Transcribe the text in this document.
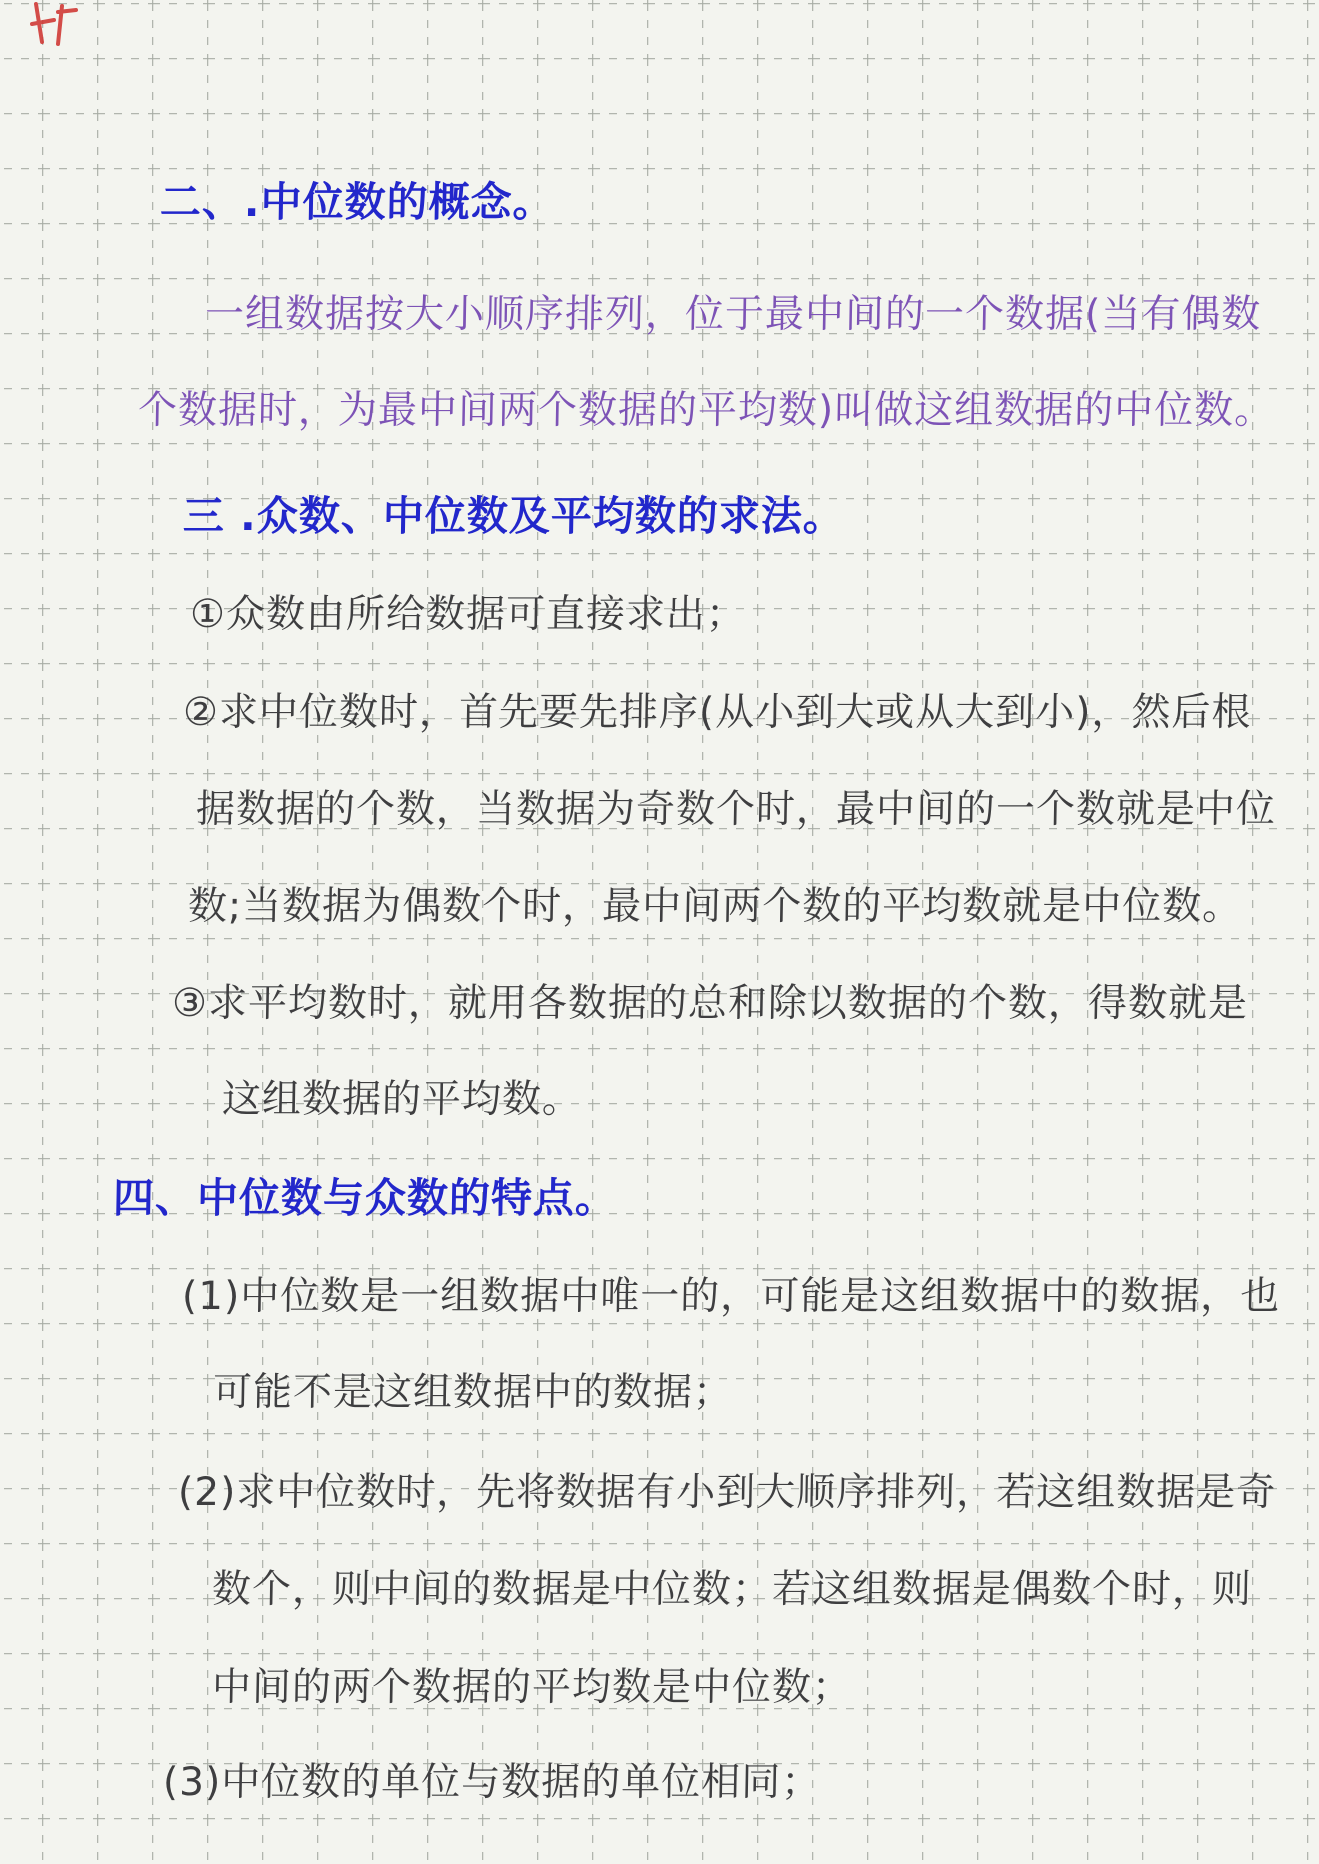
二、.中位数的概念。
一组数据按大小顺序排列，位于最中间的一个数据(当有偶数
个数据时，为最中间两个数据的平均数)叫做这组数据的中位数。
三 .众数、中位数及平均数的求法。
①众数由所给数据可直接求出；
②求中位数时，首先要先排序(从小到大或从大到小)，然后根
据数据的个数，当数据为奇数个时，最中间的一个数就是中位
数;当数据为偶数个时，最中间两个数的平均数就是中位数。
③求平均数时，就用各数据的总和除以数据的个数，得数就是
这组数据的平均数。
四、中位数与众数的特点。
(1)中位数是一组数据中唯一的，可能是这组数据中的数据，也
可能不是这组数据中的数据；
(2)求中位数时，先将数据有小到大顺序排列，若这组数据是奇
数个，则中间的数据是中位数；若这组数据是偶数个时，则
中间的两个数据的平均数是中位数；
(3)中位数的单位与数据的单位相同；
